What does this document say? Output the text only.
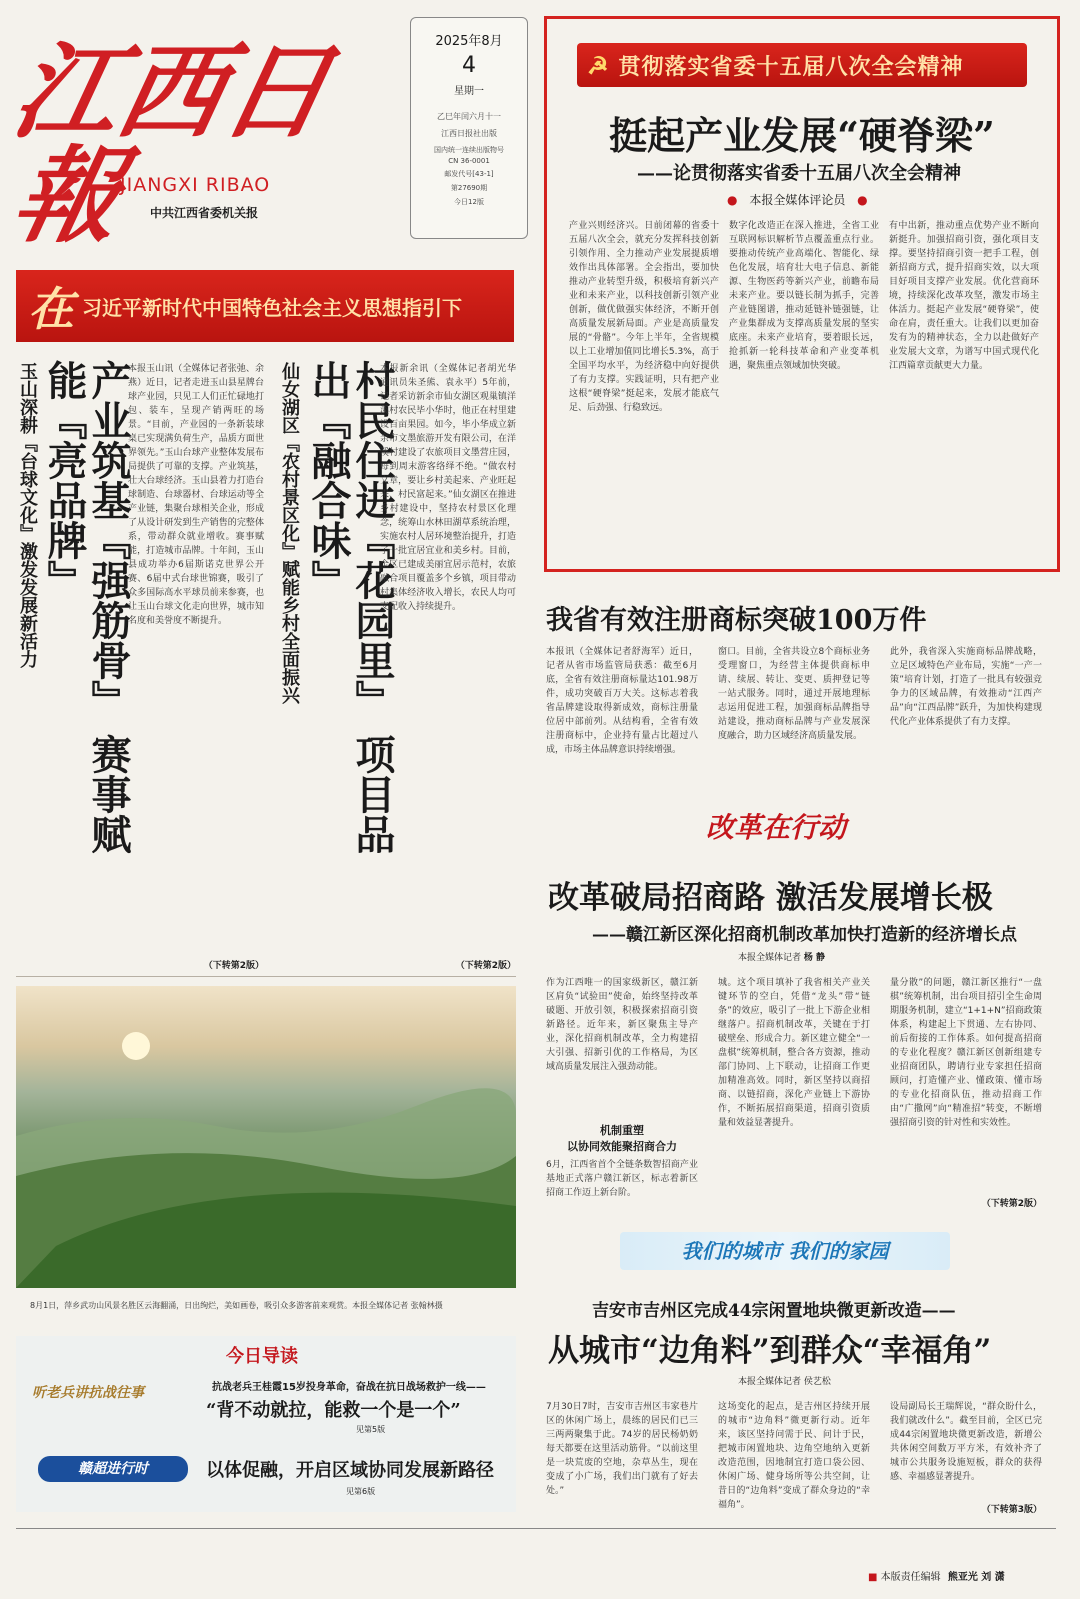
江西日報
JIANGXI RIBAO
中共江西省委机关报
2025年8月
4
星期一
乙巳年闰六月十一
江西日报社出版
国内统一连续出版物号
CN 36-0001
邮发代号[43-1]
第27690期
今日12版
☭ 贯彻落实省委十五届八次全会精神
挺起产业发展“硬脊梁”
——论贯彻落实省委十五届八次全会精神
● 本报全媒体评论员 ●
产业兴则经济兴。日前闭幕的省委十五届八次全会，就充分发挥科技创新引领作用、全力推动产业发展提质增效作出具体部署。全会指出，要加快推动产业转型升级，积极培育新兴产业和未来产业，以科技创新引领产业创新，做优做强实体经济，不断开创高质量发展新局面。产业是高质量发展的“骨骼”。今年上半年，全省规模以上工业增加值同比增长5.3%，高于全国平均水平，为经济稳中向好提供了有力支撑。实践证明，只有把产业这根“硬脊梁”挺起来，发展才能底气足、后劲强、行稳致远。
数字化改造正在深入推进，全省工业互联网标识解析节点覆盖重点行业。要推动传统产业高端化、智能化、绿色化发展，培育壮大电子信息、新能源、生物医药等新兴产业，前瞻布局未来产业。要以链长制为抓手，完善产业链图谱，推动延链补链强链，让产业集群成为支撑高质量发展的坚实底座。未来产业培育，要着眼长远，抢抓新一轮科技革命和产业变革机遇，聚焦重点领域加快突破。
有中出新，推动重点优势产业不断向新挺升。加强招商引资，强化项目支撑。要坚持招商引资一把手工程，创新招商方式，提升招商实效，以大项目好项目支撑产业发展。优化营商环境，持续深化改革攻坚，激发市场主体活力。挺起产业发展“硬脊梁”，使命在肩，责任重大。让我们以更加奋发有为的精神状态，全力以赴做好产业发展大文章，为谱写中国式现代化江西篇章贡献更大力量。
在 习近平新时代中国特色社会主义思想指引下
玉山深耕『台球文化』激发发展新活力	产业筑基『强筋骨』 赛事赋能『亮品牌』	本报玉山讯（全媒体记者张弛、余燕）近日，记者走进玉山县星牌台球产业园，只见工人们正忙碌地打包、装车，呈现产销两旺的场景。“目前，产业园的一条新装球桌已实现满负荷生产，品质方面世界领先。”玉山台球产业整体发展布局提供了可靠的支撑。产业筑基，壮大台球经济。玉山县着力打造台球制造、台球器材、台球运动等全产业链，集聚台球相关企业，形成了从设计研发到生产销售的完整体系，带动群众就业增收。赛事赋能，打造城市品牌。十年间，玉山县成功举办6届斯诺克世界公开赛、6届中式台球世锦赛，吸引了众多国际高水平球员前来参赛，也让玉山台球文化走向世界，城市知名度和美誉度不断提升。
（下转第2版）
仙女湖区『农村景区化』赋能乡村全面振兴	村民住进『花园里』 项目品出『融合味』	本报新余讯（全媒体记者胡光华 通讯员朱圣熊、袁永平）5年前，记者采访新余市仙女湖区观巢镇洋溪村农民毕小华时，他正在村里建设百亩果园。如今，毕小华成立新余市文墨旅游开发有限公司，在洋溪村建设了农旅项目文墨营庄园，每到周末游客络绎不绝。“做农村文章，要让乡村美起来、产业旺起来、村民富起来。”仙女湖区在推进乡村建设中，坚持农村景区化理念，统筹山水林田湖草系统治理，实施农村人居环境整治提升，打造了一批宜居宜业和美乡村。目前，全区已建成美丽宜居示范村，农旅融合项目覆盖多个乡镇，项目带动村集体经济收入增长，农民人均可支配收入持续提升。
（下转第2版）
8月1日，萍乡武功山风景名胜区云海翻涌，日出绚烂，美如画卷，吸引众多游客前来观赏。本报全媒体记者 张翰林摄
今日导读
听老兵讲抗战往事	抗战老兵王桂霞15岁投身革命，奋战在抗日战场救护一线——
“背不动就拉，能救一个是一个”
见第5版
赣超进行时	以体促融，开启区域协同发展新路径
见第6版
我省有效注册商标突破100万件
本报讯（全媒体记者舒海军）近日，记者从省市场监管局获悉：截至6月底，全省有效注册商标量达101.98万件，成功突破百万大关。这标志着我省品牌建设取得新成效，商标注册量位居中部前列。从结构看，全省有效注册商标中，企业持有量占比超过八成，市场主体品牌意识持续增强。
窗口。目前，全省共设立8个商标业务受理窗口，为经营主体提供商标申请、续展、转让、变更、质押登记等一站式服务。同时，通过开展地理标志运用促进工程，加强商标品牌指导站建设，推动商标品牌与产业发展深度融合，助力区域经济高质量发展。
此外，我省深入实施商标品牌战略，立足区域特色产业布局，实施“一产一策”培育计划，打造了一批具有较强竞争力的区域品牌，有效推动“江西产品”向“江西品牌”跃升，为加快构建现代化产业体系提供了有力支撑。
改革在行动
改革破局招商路 激活发展增长极
——赣江新区深化招商机制改革加快打造新的经济增长点
本报全媒体记者 杨 静
作为江西唯一的国家级新区，赣江新区肩负“试验田”使命，始终坚持改革破题、开放引领，积极探索招商引资新路径。近年来，新区聚焦主导产业，深化招商机制改革，全力构建招大引强、招新引优的工作格局，为区域高质量发展注入强劲动能。
机制重塑
以协同效能聚招商合力
6月，江西省首个全链条数智招商产业基地正式落户赣江新区，标志着新区招商工作迈上新台阶。
城。这个项目填补了我省相关产业关键环节的空白，凭借“龙头”带“链条”的效应，吸引了一批上下游企业相继落户。招商机制改革，关键在于打破壁垒、形成合力。新区建立健全“一盘棋”统筹机制，整合各方资源，推动部门协同、上下联动，让招商工作更加精准高效。同时，新区坚持以商招商、以链招商，深化产业链上下游协作，不断拓展招商渠道，招商引资质量和效益显著提升。
量分散”的问题，赣江新区推行“一盘棋”统筹机制，出台项目招引全生命周期服务机制，建立“1+1+N”招商政策体系，构建起上下贯通、左右协同、前后衔接的工作体系。如何提高招商的专业化程度？赣江新区创新组建专业招商团队，聘请行业专家担任招商顾问，打造懂产业、懂政策、懂市场的专业化招商队伍，推动招商工作由“广撒网”向“精准招”转变，不断增强招商引资的针对性和实效性。
（下转第2版）
我们的城市 我们的家园
吉安市吉州区完成44宗闲置地块微更新改造——
从城市“边角料”到群众“幸福角”
本报全媒体记者 侯艺松
7月30日7时，吉安市吉州区韦家巷片区的休闲广场上，晨练的居民们已三三两两聚集于此。74岁的居民杨奶奶每天都要在这里活动筋骨。“以前这里是一块荒废的空地，杂草丛生，现在变成了小广场，我们出门就有了好去处。”
这场变化的起点，是吉州区持续开展的城市“边角料”微更新行动。近年来，该区坚持问需于民、问计于民，把城市闲置地块、边角空地纳入更新改造范围，因地制宜打造口袋公园、休闲广场、健身场所等公共空间，让昔日的“边角料”变成了群众身边的“幸福角”。
设局副局长王瑞辉说，“群众盼什么，我们就改什么”。截至目前，全区已完成44宗闲置地块微更新改造，新增公共休闲空间数万平方米，有效补齐了城市公共服务设施短板，群众的获得感、幸福感显著提升。
（下转第3版）
■ 本版责任编辑 熊亚光 刘 潇
